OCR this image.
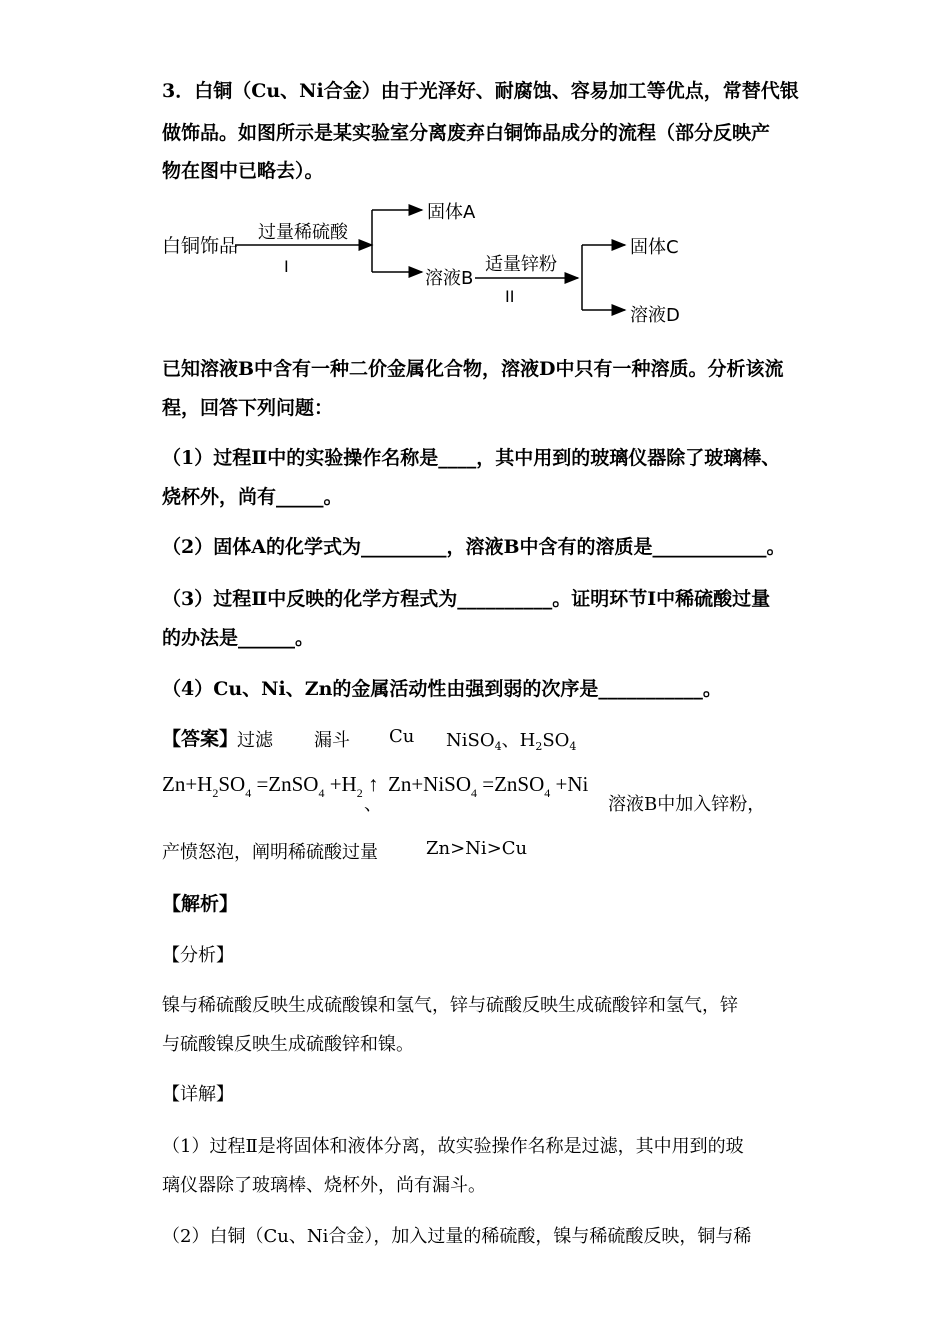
3．白铜（Cu、Ni合金）由于光泽好、耐腐蚀、容易加工等优点，常替代银
做饰品。如图所示是某实验室分离废弃白铜饰品成分的流程（部分反映产
物在图中已略去）。
白铜饰品
过量稀硫酸
I
固体A
溶液B
适量锌粉
II
固体C
溶液D
已知溶液B中含有一种二价金属化合物，溶液D中只有一种溶质。分析该流
程，回答下列问题：
（1）过程Ⅱ中的实验操作名称是____，其中用到的玻璃仪器除了玻璃棒、
烧杯外，尚有_____。
（2）固体A的化学式为_________，溶液B中含有的溶质是____________。
（3）过程Ⅱ中反映的化学方程式为__________。证明环节Ⅰ中稀硫酸过量
的办法是______。
（4）Cu、Ni、Zn的金属活动性由强到弱的次序是___________。
【答案】
过滤 漏斗 Cu NiSO$_4$、$H_2SO_4$
$Zn+H_2SO_4$ =ZnSO$_4$ $+H_2$ ↑
、
Zn+NiSO$_4$ =ZnSO$_4$ +Ni
溶液B中加入锌粉，
产愤怒泡，阐明稀硫酸过量	Zn>Ni>Cu
【解析】
【分析】
镍与稀硫酸反映生成硫酸镍和氢气，锌与硫酸反映生成硫酸锌和氢气，锌
与硫酸镍反映生成硫酸锌和镍。
【详解】
（1）过程Ⅱ是将固体和液体分离，故实验操作名称是过滤，其中用到的玻
璃仪器除了玻璃棒、烧杯外，尚有漏斗。
（2）白铜（Cu、Ni合金），加入过量的稀硫酸，镍与稀硫酸反映，铜与稀
